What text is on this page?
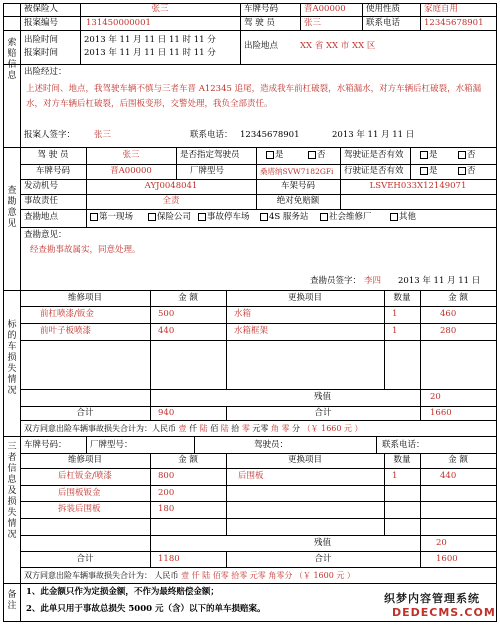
索赔信息
查勘意见
标的车损失情况
三者信息及损失情况
备注
被保险人	张三	车牌号码	晋A00000 使用性质	家庭自用
报案编号	131450000001	驾 驶 员	张三	联系电话	12345678901
出险时间	2013 年 11 月 11 日 11 时 11 分
报案时间	2013 年 11 月 11 日 11 时 11 分
出险地点	XX 省 XX 市 XX 区
出险经过：
上述时间、地点，我驾驶车辆不慎与三者车晋 A12345 追尾，造成我车前杠破裂，水箱漏水，对方车辆后杠破裂，水箱漏水，对方车辆后杠破裂，后围板变形，交警处理，我负全部责任。
报案人签字： 张三	联系电话： 12345678901	2013 年 11 月 11 日
驾 驶 员	张三	是否指定驾驶员	是	否 驾驶证是否有效	是	否
车牌号码	晋A00000	厂牌型号	桑塔纳SVW7182GFi 行驶证是否有效	是	否
发动机号	AYJ0048041	车架号码	LSVEH033X12149071
事故责任	全责	绝对免赔额
查勘地点	第一现场	保险公司	事故停车场	4S 服务站	社会维修厂	其他
查勘意见：
经查勘事故属实，同意处理。
查勘员签字： 李四 2013 年 11 月 11 日
维修项目	金 额	更换项目	数量	金 额
前杠喷漆/钣金	500	水箱	1	460
前叶子板喷漆	440	水箱框架	1	280
残值	20
合计	940	合计	1660
双方同意出险车辆事故损失合计为：人民币 壹 仟 陆 佰 陆 拾 零 元零 角 零 分 （￥ 1660 元 ）
车牌号码：	厂牌型号：	驾驶员：	联系电话：
维修项目	金 额	更换项目	数量	金 额
后杠钣金/喷漆	800	后围板	1	440
后围板钣金	200
拆装后围板	180
残值	20
合计	1180	合计	1600
双方同意出险车辆事故损失合计为： 人民币 壹 仟 陆 佰零 拾零 元零 角零分 （￥ 1600 元 ）
1、此金额只作为定损金额，不作为最终赔偿金额；
2、此单只用于事故总损失 5000 元（含）以下的单车损赔案。
织梦内容管理系统
DEDECMS.COM
